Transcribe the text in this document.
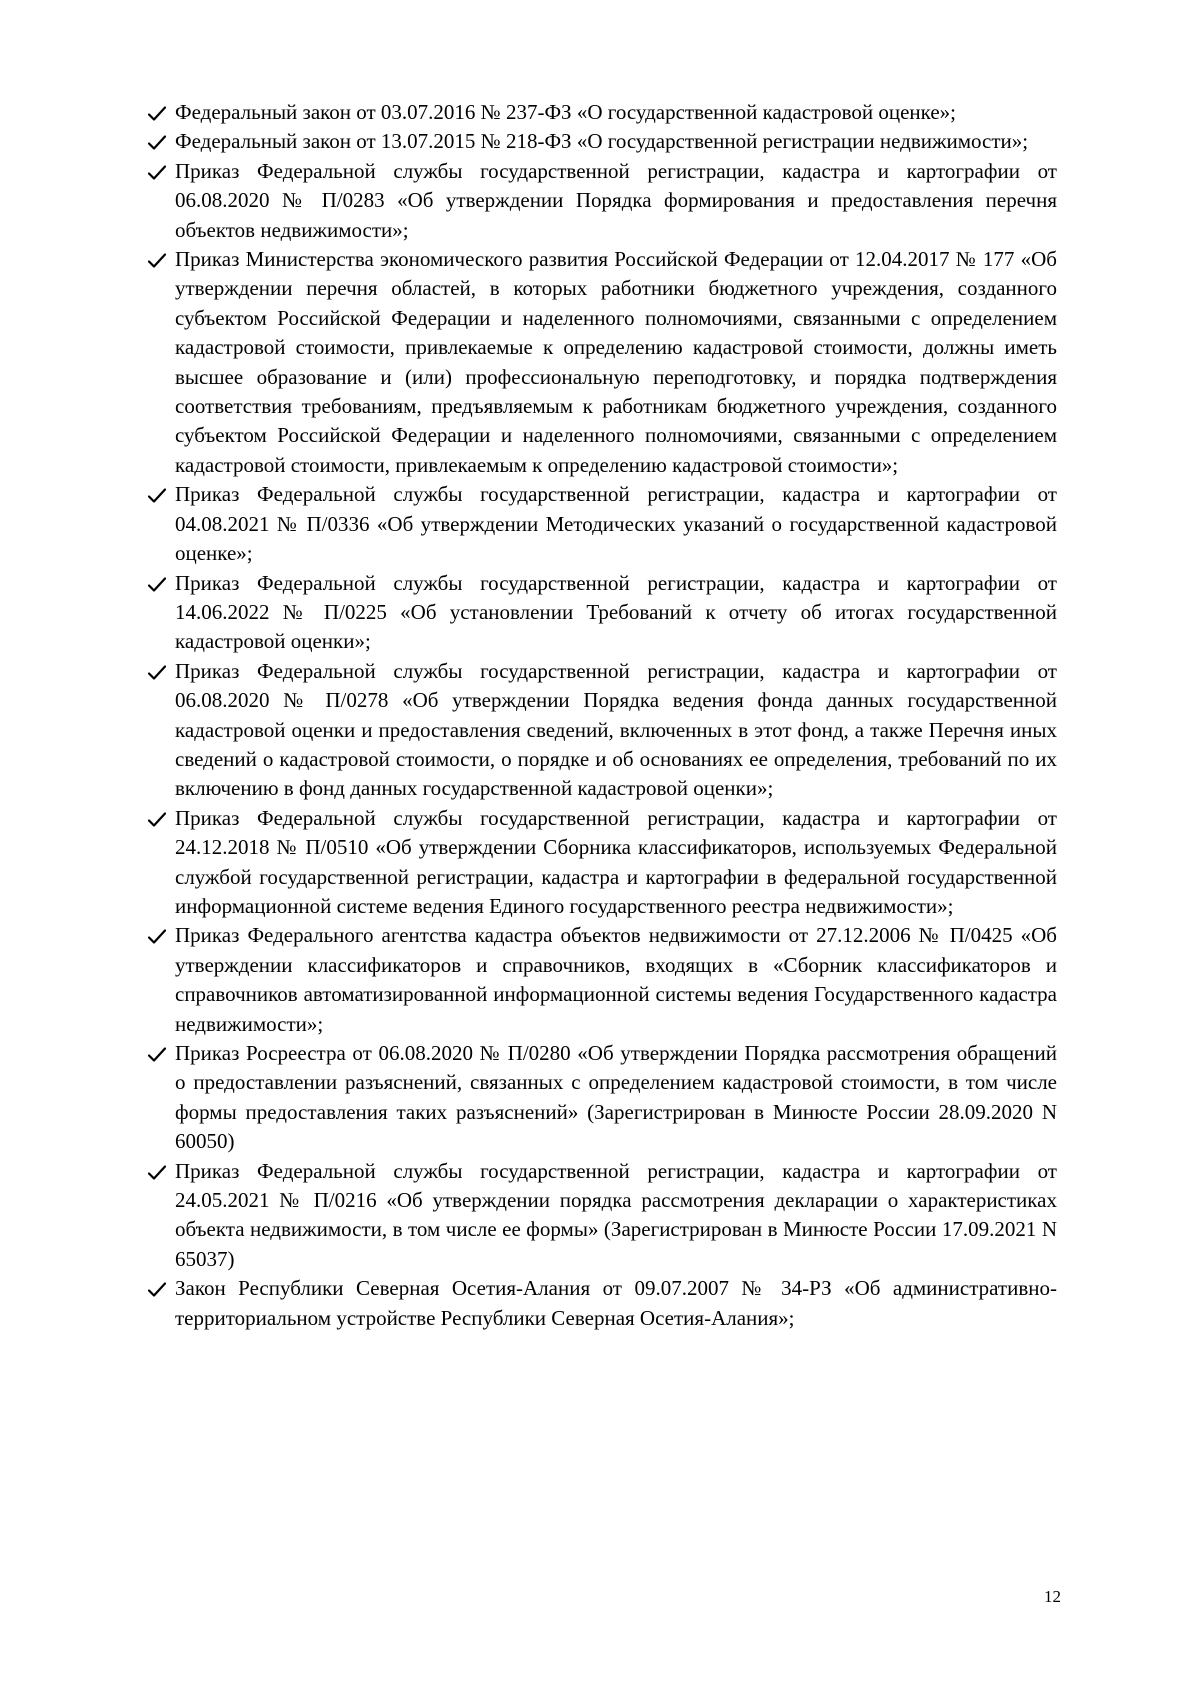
Федеральный закон от 03.07.2016 № 237-ФЗ «О государственной кадастровой оценке»;
Федеральный закон от 13.07.2015 № 218-ФЗ «О государственной регистрации недвижимости»;
Приказ Федеральной службы государственной регистрации, кадастра и картографии от 06.08.2020 № П/0283 «Об утверждении Порядка формирования и предоставления перечня объектов недвижимости»;
Приказ Министерства экономического развития Российской Федерации от 12.04.2017 № 177 «Об утверждении перечня областей, в которых работники бюджетного учреждения, созданного субъектом Российской Федерации и наделенного полномочиями, связанными с определением кадастровой стоимости, привлекаемые к определению кадастровой стоимости, должны иметь высшее образование и (или) профессиональную переподготовку, и порядка подтверждения соответствия требованиям, предъявляемым к работникам бюджетного учреждения, созданного субъектом Российской Федерации и наделенного полномочиями, связанными с определением кадастровой стоимости, привлекаемым к определению кадастровой стоимости»;
Приказ Федеральной службы государственной регистрации, кадастра и картографии от 04.08.2021 № П/0336 «Об утверждении Методических указаний о государственной кадастровой оценке»;
Приказ Федеральной службы государственной регистрации, кадастра и картографии от 14.06.2022 № П/0225 «Об установлении Требований к отчету об итогах государственной кадастровой оценки»;
Приказ Федеральной службы государственной регистрации, кадастра и картографии от 06.08.2020 № П/0278 «Об утверждении Порядка ведения фонда данных государственной кадастровой оценки и предоставления сведений, включенных в этот фонд, а также Перечня иных сведений о кадастровой стоимости, о порядке и об основаниях ее определения, требований по их включению в фонд данных государственной кадастровой оценки»;
Приказ Федеральной службы государственной регистрации, кадастра и картографии от 24.12.2018 № П/0510 «Об утверждении Сборника классификаторов, используемых Федеральной службой государственной регистрации, кадастра и картографии в федеральной государственной информационной системе ведения Единого государственного реестра недвижимости»;
Приказ Федерального агентства кадастра объектов недвижимости от 27.12.2006 № П/0425 «Об утверждении классификаторов и справочников, входящих в «Сборник классификаторов и справочников автоматизированной информационной системы ведения Государственного кадастра недвижимости»;
Приказ Росреестра от 06.08.2020 № П/0280 «Об утверждении Порядка рассмотрения обращений о предоставлении разъяснений, связанных с определением кадастровой стоимости, в том числе формы предоставления таких разъяснений» (Зарегистрирован в Минюсте России 28.09.2020 N 60050)
Приказ Федеральной службы государственной регистрации, кадастра и картографии от 24.05.2021 № П/0216 «Об утверждении порядка рассмотрения декларации о характеристиках объекта недвижимости, в том числе ее формы» (Зарегистрирован в Минюсте России 17.09.2021 N 65037)
Закон Республики Северная Осетия-Алания от 09.07.2007 № 34-РЗ «Об административно-территориальном устройстве Республики Северная Осетия-Алания»;
12
